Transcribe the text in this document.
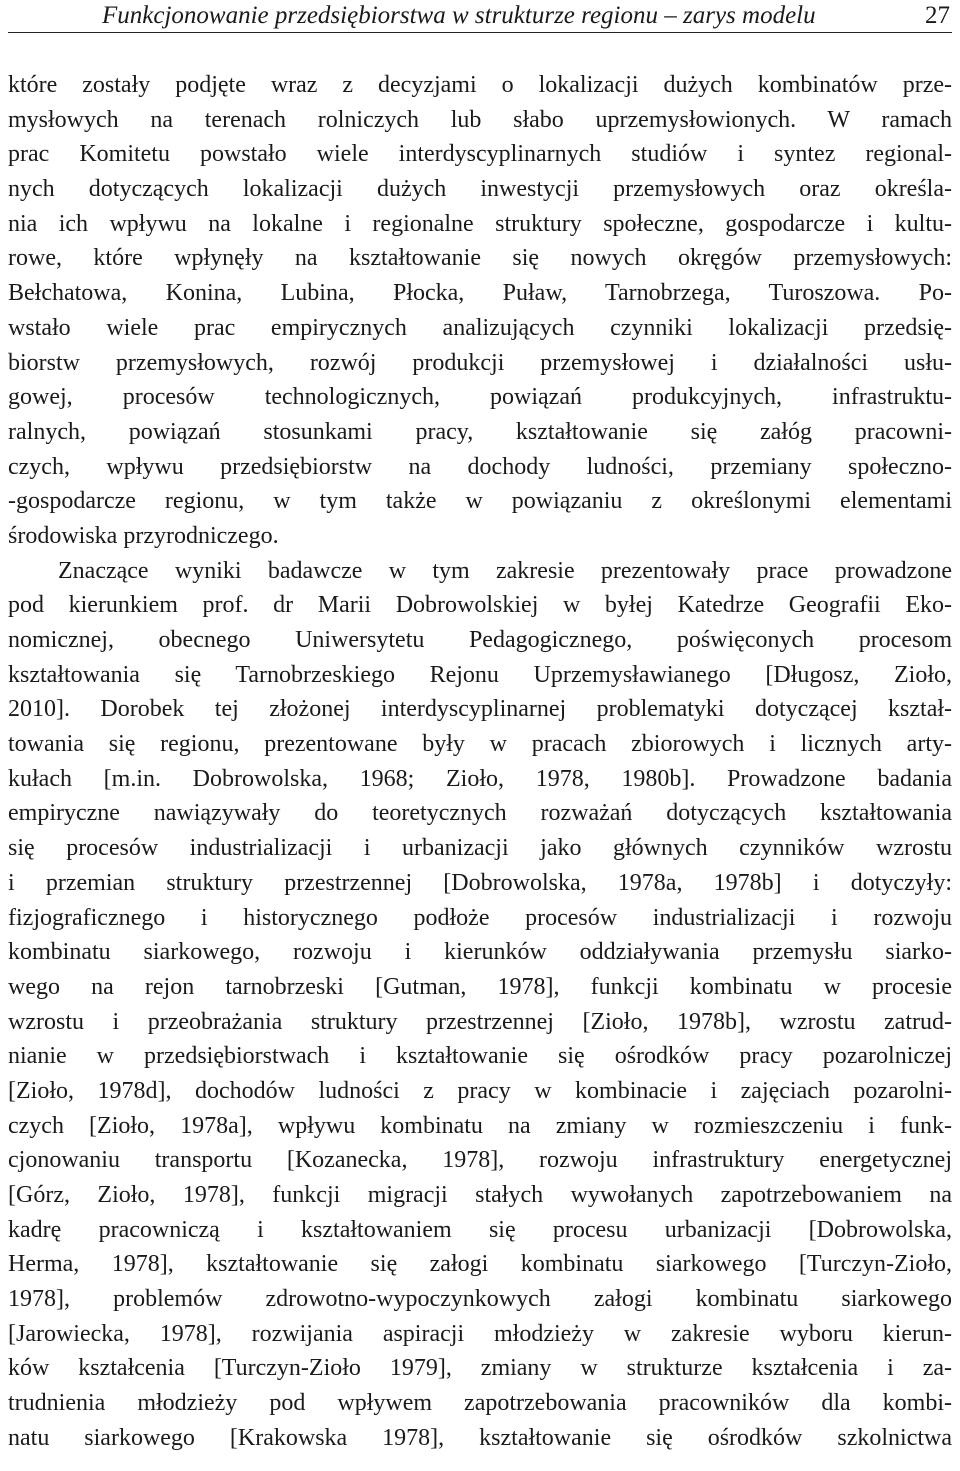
Funkcjonowanie przedsiębiorstwa w strukturze regionu – zarys modelu	27
które zostały podjęte wraz z decyzjami o lokalizacji dużych kombinatów prze-
mysłowych na terenach rolniczych lub słabo uprzemysłowionych. W ramach
prac Komitetu powstało wiele interdyscyplinarnych studiów i syntez regional-
nych dotyczących lokalizacji dużych inwestycji przemysłowych oraz określa-
nia ich wpływu na lokalne i regionalne struktury społeczne, gospodarcze i kultu-
rowe, które wpłynęły na kształtowanie się nowych okręgów przemysłowych:
Bełchatowa, Konina, Lubina, Płocka, Puław, Tarnobrzega, Turoszowa. Po-
wstało wiele prac empirycznych analizujących czynniki lokalizacji przedsię-
biorstw przemysłowych, rozwój produkcji przemysłowej i działalności usłu-
gowej, procesów technologicznych, powiązań produkcyjnych, infrastruktu-
ralnych, powiązań stosunkami pracy, kształtowanie się załóg pracowni-
czych, wpływu przedsiębiorstw na dochody ludności, przemiany społeczno-
-gospodarcze regionu, w tym także w powiązaniu z określonymi elementami
środowiska przyrodniczego.
Znaczące wyniki badawcze w tym zakresie prezentowały prace prowadzone
pod kierunkiem prof. dr Marii Dobrowolskiej w byłej Katedrze Geografii Eko-
nomicznej, obecnego Uniwersytetu Pedagogicznego, poświęconych procesom
kształtowania się Tarnobrzeskiego Rejonu Uprzemysławianego [Długosz, Zioło,
2010]. Dorobek tej złożonej interdyscyplinarnej problematyki dotyczącej kształ-
towania się regionu, prezentowane były w pracach zbiorowych i licznych arty-
kułach [m.in. Dobrowolska, 1968; Zioło, 1978, 1980b]. Prowadzone badania
empiryczne nawiązywały do teoretycznych rozważań dotyczących kształtowania
się procesów industrializacji i urbanizacji jako głównych czynników wzrostu
i przemian struktury przestrzennej [Dobrowolska, 1978a, 1978b] i dotyczyły:
fizjograficznego i historycznego podłoże procesów industrializacji i rozwoju
kombinatu siarkowego, rozwoju i kierunków oddziaływania przemysłu siarko-
wego na rejon tarnobrzeski [Gutman, 1978], funkcji kombinatu w procesie
wzrostu i przeobrażania struktury przestrzennej [Zioło, 1978b], wzrostu zatrud-
nianie w przedsiębiorstwach i kształtowanie się ośrodków pracy pozarolniczej
[Zioło, 1978d], dochodów ludności z pracy w kombinacie i zajęciach pozarolni-
czych [Zioło, 1978a], wpływu kombinatu na zmiany w rozmieszczeniu i funk-
cjonowaniu transportu [Kozanecka, 1978], rozwoju infrastruktury energetycznej
[Górz, Zioło, 1978], funkcji migracji stałych wywołanych zapotrzebowaniem na
kadrę pracowniczą i kształtowaniem się procesu urbanizacji [Dobrowolska,
Herma, 1978], kształtowanie się załogi kombinatu siarkowego [Turczyn-Zioło,
1978], problemów zdrowotno-wypoczynkowych załogi kombinatu siarkowego
[Jarowiecka, 1978], rozwijania aspiracji młodzieży w zakresie wyboru kierun-
ków kształcenia [Turczyn-Zioło 1979], zmiany w strukturze kształcenia i za-
trudnienia młodzieży pod wpływem zapotrzebowania pracowników dla kombi-
natu siarkowego [Krakowska 1978], kształtowanie się ośrodków szkolnictwa
